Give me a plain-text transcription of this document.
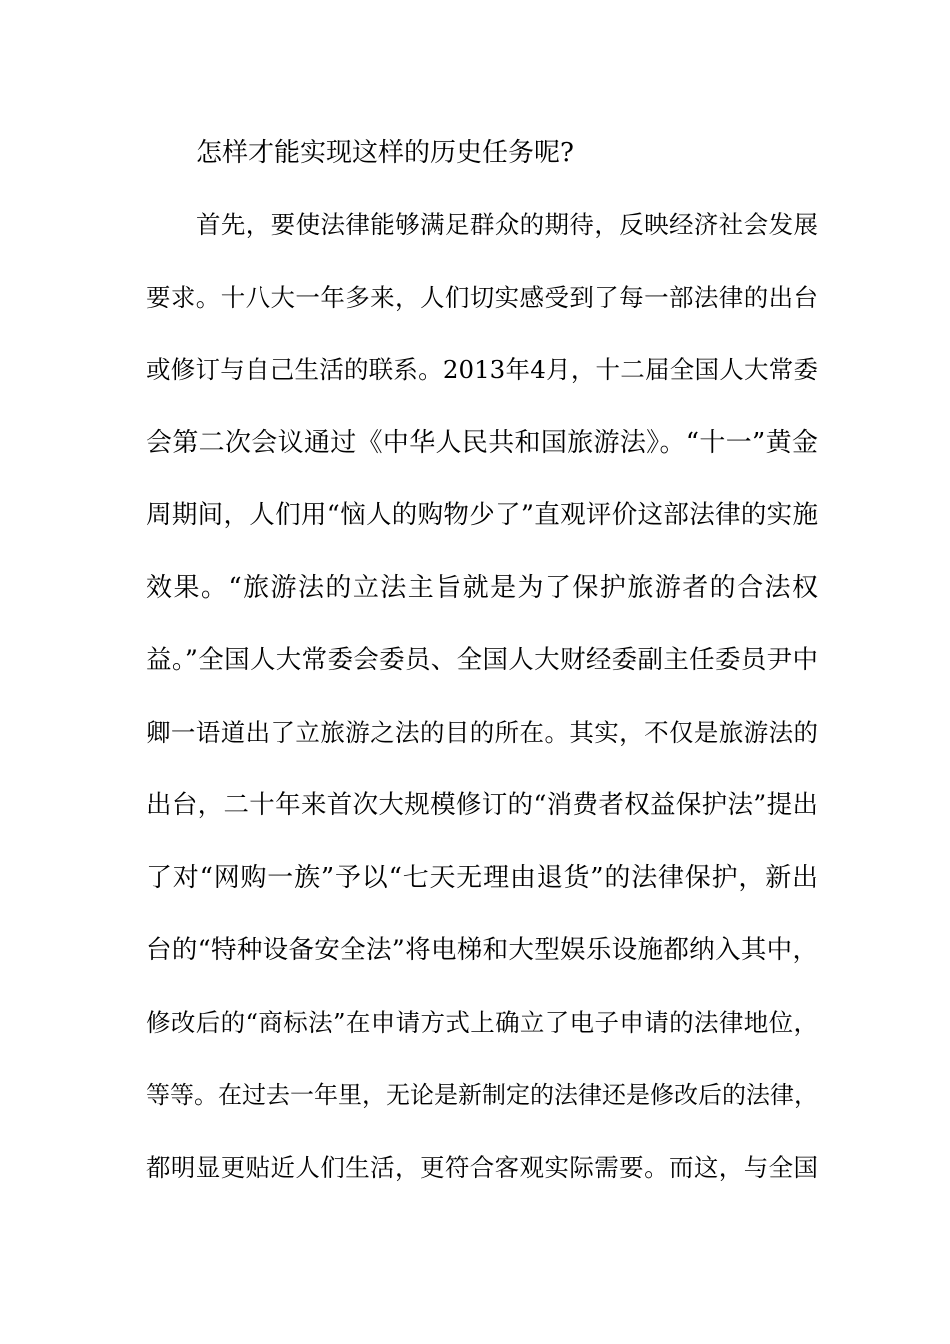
怎样才能实现这样的历史任务呢?
首先，要使法律能够满足群众的期待，反映经济社会发展
要求。十八大一年多来，人们切实感受到了每一部法律的出台
或修订与自己生活的联系。2013年4月，十二届全国人大常委
会第二次会议通过《中华人民共和国旅游法》。“十一”黄金
周期间，人们用“恼人的购物少了”直观评价这部法律的实施
效果。“旅游法的立法主旨就是为了保护旅游者的合法权
益。”全国人大常委会委员、全国人大财经委副主任委员尹中
卿一语道出了立旅游之法的目的所在。其实，不仅是旅游法的
出台，二十年来首次大规模修订的“消费者权益保护法”提出
了对“网购一族”予以“七天无理由退货”的法律保护，新出
台的“特种设备安全法”将电梯和大型娱乐设施都纳入其中，
修改后的“商标法”在申请方式上确立了电子申请的法律地位，
等等。在过去一年里，无论是新制定的法律还是修改后的法律，
都明显更贴近人们生活，更符合客观实际需要。而这，与全国
